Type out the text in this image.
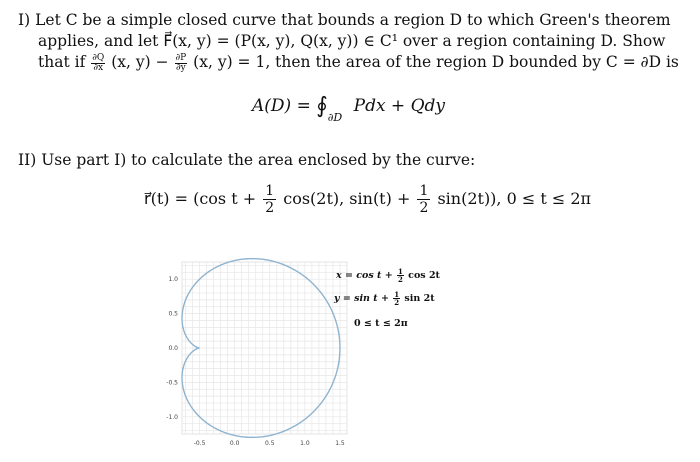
I) Let C be a simple closed curve that bounds a region D to which Green's theorem
applies, and let F⃗(x, y) = (P(x, y), Q(x, y)) ∈ C¹ over a region containing D. Show
that if $\frac{\partial Q}{\partial x} (x$, $y) - \frac{\partial P}{\partial y} (x$, y) = 1, then the area of the region D bounded by C = ∂D is
$A(D) = ∮_{\partial D}$ Pdx + Qdy
II) Use part I) to calculate the area enclosed by the curve:
r⃗(t) = (cos $t + \frac{1}{2} \cos(2t)$, $\sin(t) + \frac{1}{2} \sin(2t)$), 0 ≤ t ≤ 2π
-0.5	0.0	0.5	1.0	1.5
1.0
0.5
0.0
-0.5
-1.0
$x = \cos t + \frac{1}{2}$ cos 2t
$y = \sin t + \frac{1}{2}$ sin 2t
0 ≤ t ≤ 2π
